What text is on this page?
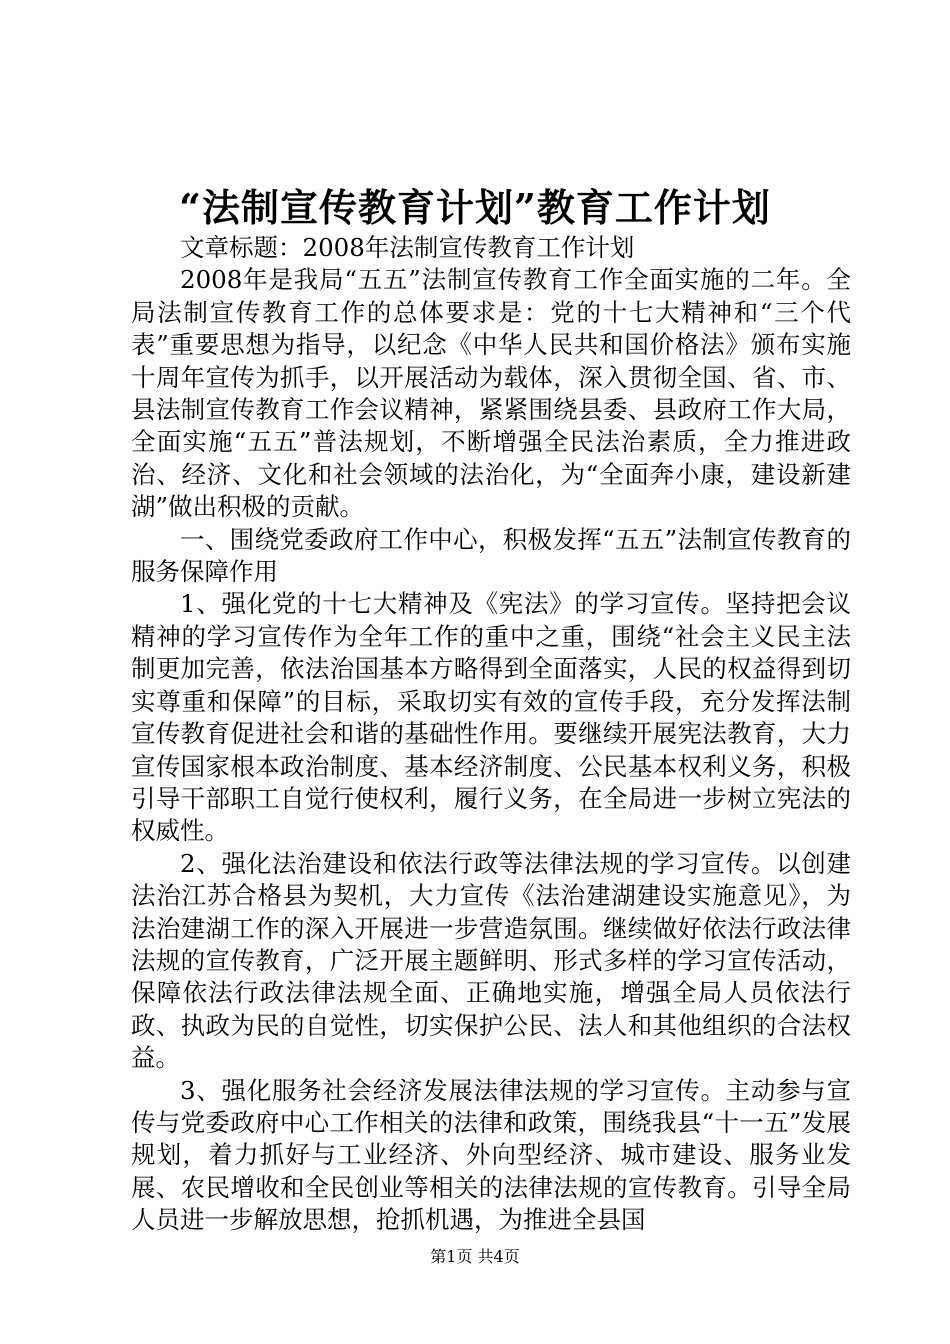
“法制宣传教育计划”教育工作计划

文章标题：2008年法制宣传教育工作计划

2008年是我局“五五”法制宣传教育工作全面实施的二年。全局法制宣传教育工作的总体要求是：党的十七大精神和“三个代表”重要思想为指导，以纪念《中华人民共和国价格法》颁布实施十周年宣传为抓手，以开展活动为载体，深入贯彻全国、省、市、县法制宣传教育工作会议精神，紧紧围绕县委、县政府工作大局，全面实施“五五”普法规划，不断增强全民法治素质，全力推进政治、经济、文化和社会领域的法治化，为“全面奔小康，建设新建湖”做出积极的贡献。

一、围绕党委政府工作中心，积极发挥“五五”法制宣传教育的服务保障作用

1、强化党的十七大精神及《宪法》的学习宣传。坚持把会议精神的学习宣传作为全年工作的重中之重，围绕“社会主义民主法制更加完善，依法治国基本方略得到全面落实，人民的权益得到切实尊重和保障”的目标，采取切实有效的宣传手段，充分发挥法制宣传教育促进社会和谐的基础性作用。要继续开展宪法教育，大力宣传国家根本政治制度、基本经济制度、公民基本权利义务，积极引导干部职工自觉行使权利，履行义务，在全局进一步树立宪法的权威性。

2、强化法治建设和依法行政等法律法规的学习宣传。以创建法治江苏合格县为契机，大力宣传《法治建湖建设实施意见》，为法治建湖工作的深入开展进一步营造氛围。继续做好依法行政法律法规的宣传教育，广泛开展主题鲜明、形式多样的学习宣传活动，保障依法行政法律法规全面、正确地实施，增强全局人员依法行政、执政为民的自觉性，切实保护公民、法人和其他组织的合法权益。

3、强化服务社会经济发展法律法规的学习宣传。主动参与宣传与党委政府中心工作相关的法律和政策，围绕我县“十一五”发展规划，着力抓好与工业经济、外向型经济、城市建设、服务业发展、农民增收和全民创业等相关的法律法规的宣传教育。引导全局人员进一步解放思想，抢抓机遇，为推进全县国

第1页 共4页
